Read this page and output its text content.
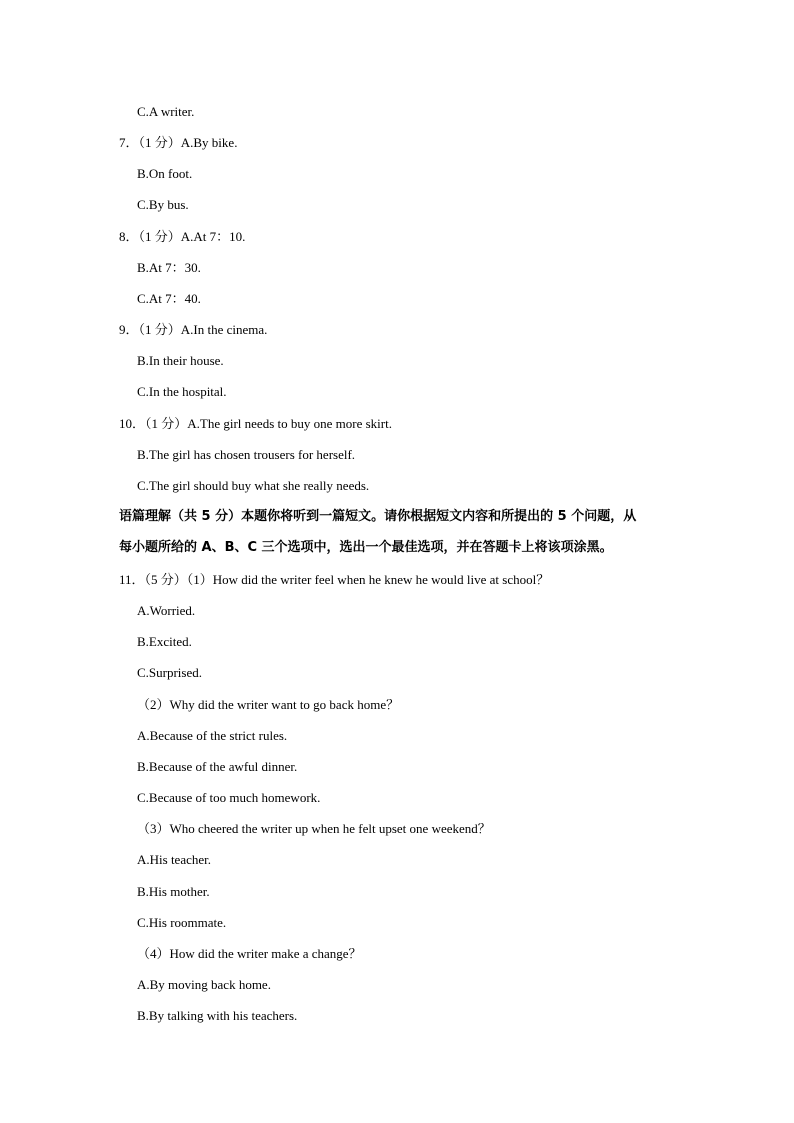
C.A writer.
7．（1 分）A.By bike.
B.On foot.
C.By bus.
8．（1 分）A.At 7：10.
B.At 7：30.
C.At 7：40.
9．（1 分）A.In the cinema.
B.In their house.
C.In the hospital.
10．（1 分）A.The girl needs to buy one more skirt.
B.The girl has chosen trousers for herself.
C.The girl should buy what she really needs.
语篇理解（共 5 分）本题你将听到一篇短文。请你根据短文内容和所提出的 5 个问题，从
每小题所给的 A、B、C 三个选项中，选出一个最佳选项，并在答题卡上将该项涂黑。
11．（5 分）（1）How did the writer feel when he knew he would live at school？
A.Worried.
B.Excited.
C.Surprised.
（2）Why did the writer want to go back home？
A.Because of the strict rules.
B.Because of the awful dinner.
C.Because of too much homework.
（3）Who cheered the writer up when he felt upset one weekend？
A.His teacher.
B.His mother.
C.His roommate.
（4）How did the writer make a change？
A.By moving back home.
B.By talking with his teachers.
